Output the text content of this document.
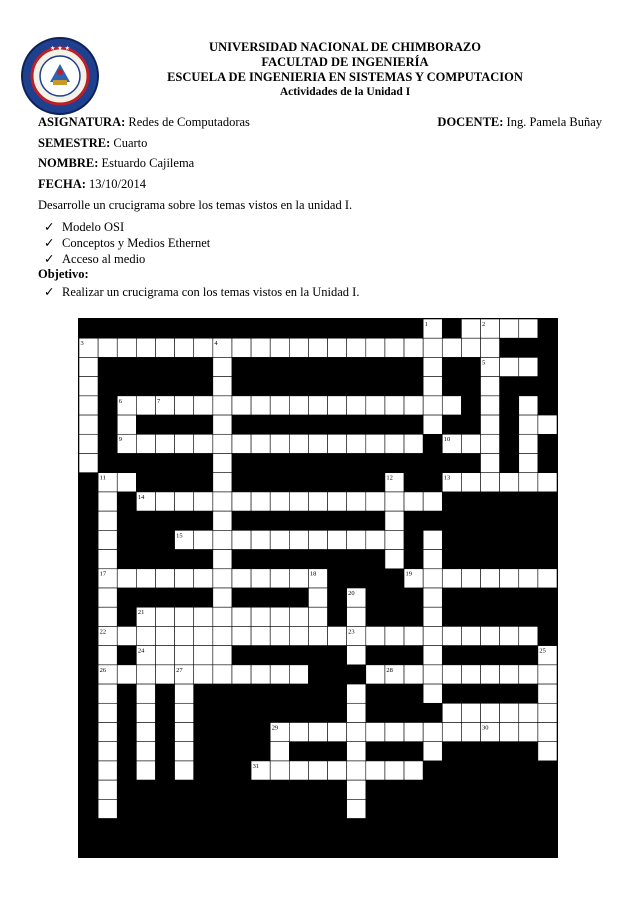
★ ★ ★	UNIVERSIDAD NACIONAL DE CHIMBORAZO
FACULTAD DE INGENIERÍA
ESCUELA DE INGENIERIA EN SISTEMAS Y COMPUTACION
Actividades de la Unidad I
ASIGNATURA: Redes de Computadoras	DOCENTE: Ing. Pamela Buñay
SEMESTRE: Cuarto
NOMBRE: Estuardo Cajilema
FECHA: 13/10/2014
Desarrolle un crucigrama sobre los temas vistos en la unidad I.
✓ Modelo OSI
✓ Conceptos y Medios Ethernet
✓ Acceso al medio
Objetivo:
✓ Realizar un crucigrama con los temas vistos en la Unidad I.
1	2
3	4
5
6	7	8
9	10
11	12	13
14
15	16
17	18	19
20
21
22	23
24	25
26	27	28
29	30
31
